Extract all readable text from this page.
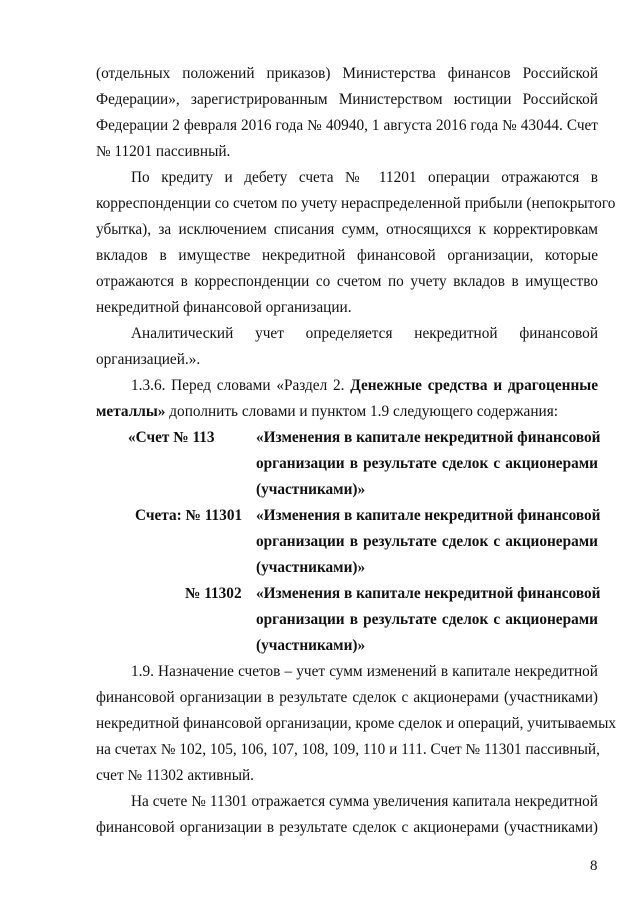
(отдельных положений приказов) Министерства финансов Российской
Федерации», зарегистрированным Министерством юстиции Российской
Федерации 2 февраля 2016 года № 40940, 1 августа 2016 года № 43044. Счет
№ 11201 пассивный.
По кредиту и дебету счета № 11201 операции отражаются в
корреспонденции со счетом по учету нераспределенной прибыли (непокрытого
убытка), за исключением списания сумм, относящихся к корректировкам
вкладов в имуществе некредитной финансовой организации, которые
отражаются в корреспонденции со счетом по учету вкладов в имущество
некредитной финансовой организации.
Аналитический учет определяется некредитной финансовой
организацией.».
1.3.6. Перед словами «Раздел 2. Денежные средства и драгоценные
металлы» дополнить словами и пунктом 1.9 следующего содержания:
«Счет № 113	«Изменения в капитале некредитной финансовой
организации в результате сделок с акционерами
(участниками)»
Счета: № 11301 «Изменения в капитале некредитной финансовой
организации в результате сделок с акционерами
(участниками)»
№ 11302 «Изменения в капитале некредитной финансовой
организации в результате сделок с акционерами
(участниками)»
1.9. Назначение счетов – учет сумм изменений в капитале некредитной
финансовой организации в результате сделок с акционерами (участниками)
некредитной финансовой организации, кроме сделок и операций, учитываемых
на счетах № 102, 105, 106, 107, 108, 109, 110 и 111. Счет № 11301 пассивный,
счет № 11302 активный.
На счете № 11301 отражается сумма увеличения капитала некредитной
финансовой организации в результате сделок с акционерами (участниками)
8
